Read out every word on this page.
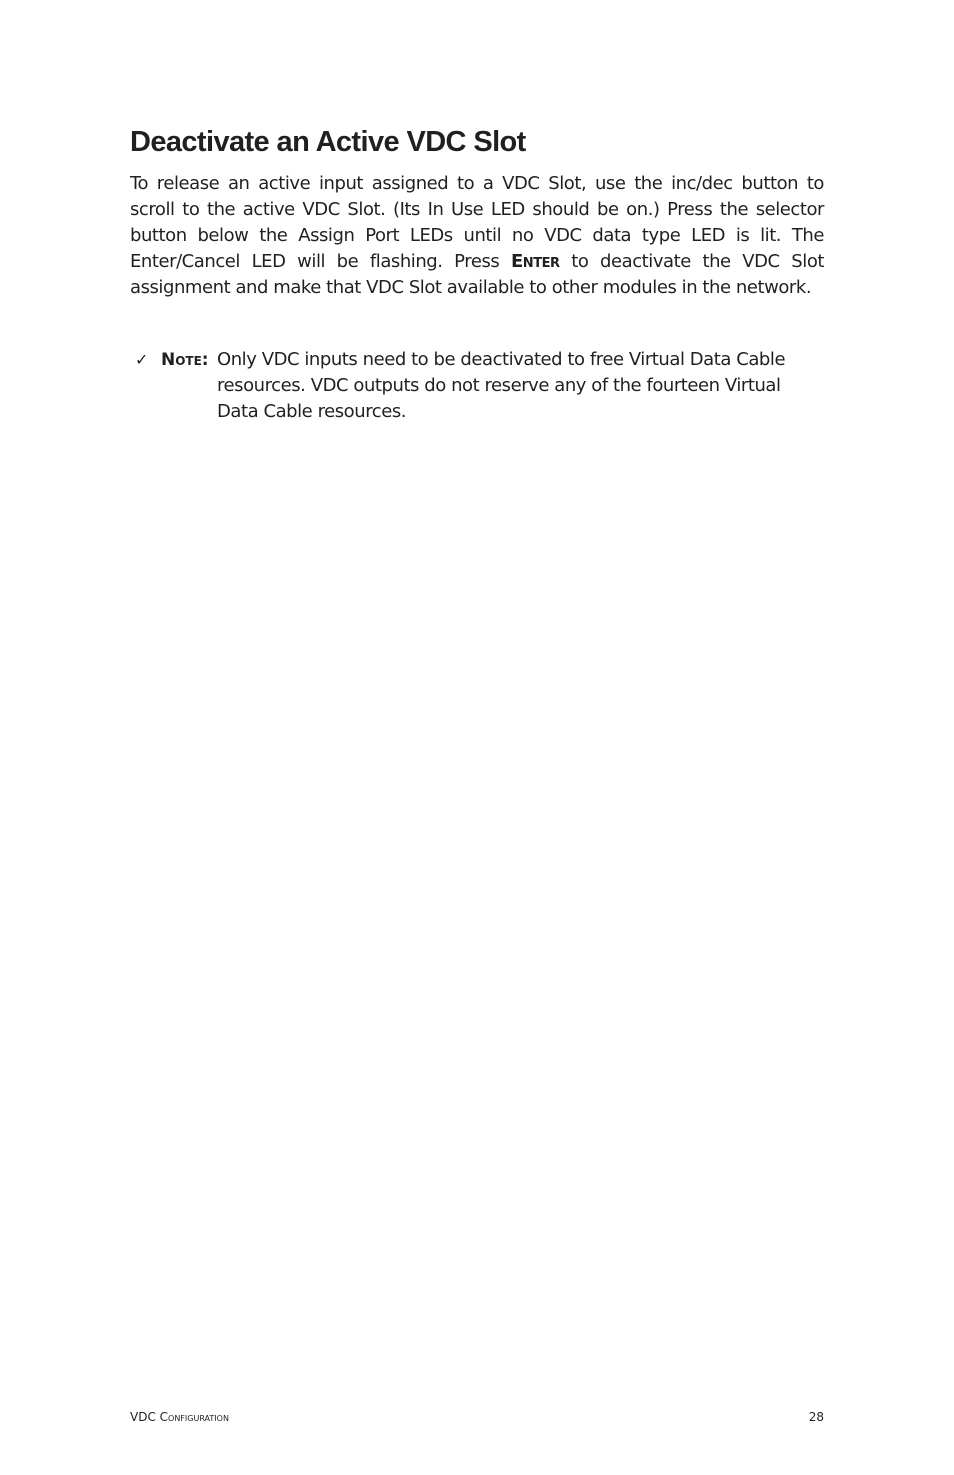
Deactivate an Active VDC Slot

To release an active input assigned to a VDC Slot, use the inc/dec button to scroll to the active VDC Slot. (Its In Use LED should be on.) Press the selector button below the Assign Port LEDs until no VDC data type LED is lit. The Enter/Cancel LED will be flashing. Press Enter to deactivate the VDC Slot assignment and make that VDC Slot available to other modules in the network.

✓ Note: Only VDC inputs need to be deactivated to free Virtual Data Cable resources. VDC outputs do not reserve any of the fourteen Virtual Data Cable resources.

VDC Configuration	28
